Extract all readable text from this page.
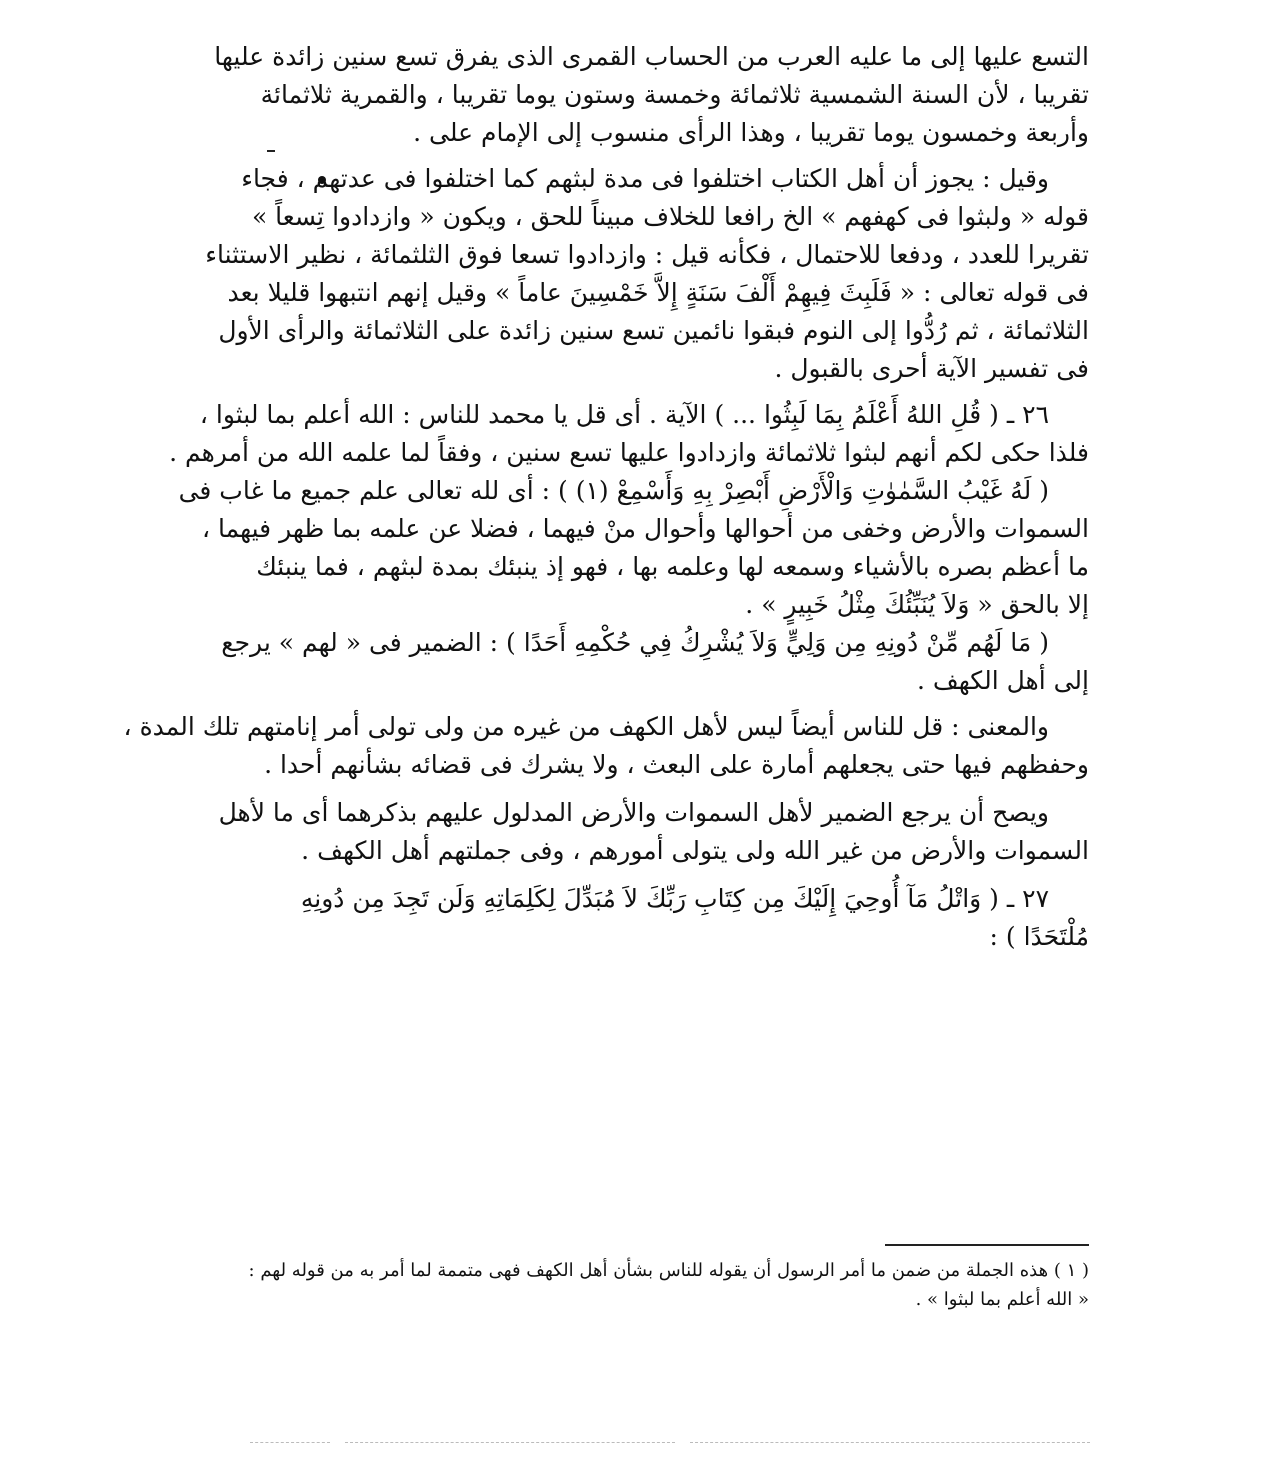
التسع عليها إلى ما عليه العرب من الحساب القمرى الذى يفرق تسع سنين زائدة عليها

تقريبا ، لأن السنة الشمسية ثلاثمائة وخمسة وستون يوما تقريبا ، والقمرية ثلاثمائة

وأربعة وخمسون يوما تقريبا ، وهذا الرأى منسوب إلى الإمام على .

وقيل : يجوز أن أهل الكتاب اختلفوا فى مدة لبثهم كما اختلفوا فى عدتهم ، فجاء

قوله « ولبثوا فى كهفهم » الخ رافعا للخلاف مبيناً للحق ، ويكون « وازدادوا تِسعاً »

تقريرا للعدد ، ودفعا للاحتمال ، فكأنه قيل : وازدادوا تسعا فوق الثلثمائة ، نظير الاستثناء

فى قوله تعالى : « فَلَبِثَ فِيهِمْ أَلْفَ سَنَةٍ إِلاَّ خَمْسِينَ عاماً » وقيل إنهم انتبهوا قليلا بعد

الثلاثمائة ، ثم رُدُّوا إلى النوم فبقوا نائمين تسع سنين زائدة على الثلاثمائة والرأى الأول

فى تفسير الآية أحرى بالقبول .

٢٦ ـ ( قُلِ اللهُ أَعْلَمُ بِمَا لَبِثُوا ... ) الآية . أى قل يا محمد للناس : الله أعلم بما لبثوا ،

فلذا حكى لكم أنهم لبثوا ثلاثمائة وازدادوا عليها تسع سنين ، وفقاً لما علمه الله من أمرهم .

( لَهُ غَيْبُ السَّمٰوٰتِ وَالْأَرْضِ أَبْصِرْ بِهِ وَأَسْمِعْ (١) ) : أى لله تعالى علم جميع ما غاب فى

السموات والأرض وخفى من أحوالها وأحوال منْ فيهما ، فضلا عن علمه بما ظهر فيهما ،

ما أعظم بصره بالأشياء وسمعه لها وعلمه بها ، فهو إذ ينبئك بمدة لبثهم ، فما ينبئك

إلا بالحق « وَلاَ يُنَبِّئُكَ مِثْلُ خَبِيرٍ » .

( مَا لَهُم مِّنْ دُونِهِ مِن وَلِيٍّ وَلاَ يُشْرِكُ فِي حُكْمِهِ أَحَدًا ) : الضمير فى « لهم » يرجع

إلى أهل الكهف .

والمعنى : قل للناس أيضاً ليس لأهل الكهف من غيره من ولى تولى أمر إنامتهم تلك المدة ،

وحفظهم فيها حتى يجعلهم أمارة على البعث ، ولا يشرك فى قضائه بشأنهم أحدا .

ويصح أن يرجع الضمير لأهل السموات والأرض المدلول عليهم بذكرهما أى ما لأهل

السموات والأرض من غير الله ولى يتولى أمورهم ، وفى جملتهم أهل الكهف .

٢٧ ـ ( وَاتْلُ مَآ أُوحِيَ إِلَيْكَ مِن كِتَابِ رَبِّكَ لاَ مُبَدِّلَ لِكَلِمَاتِهِ وَلَن تَجِدَ مِن دُونِهِ

مُلْتَحَدًا ) :

( ١ ) هذه الجملة من ضمن ما أمر الرسول أن يقوله للناس بشأن أهل الكهف فهى متممة لما أمر به من قوله لهم :

« الله أعلم بما لبثوا » .
